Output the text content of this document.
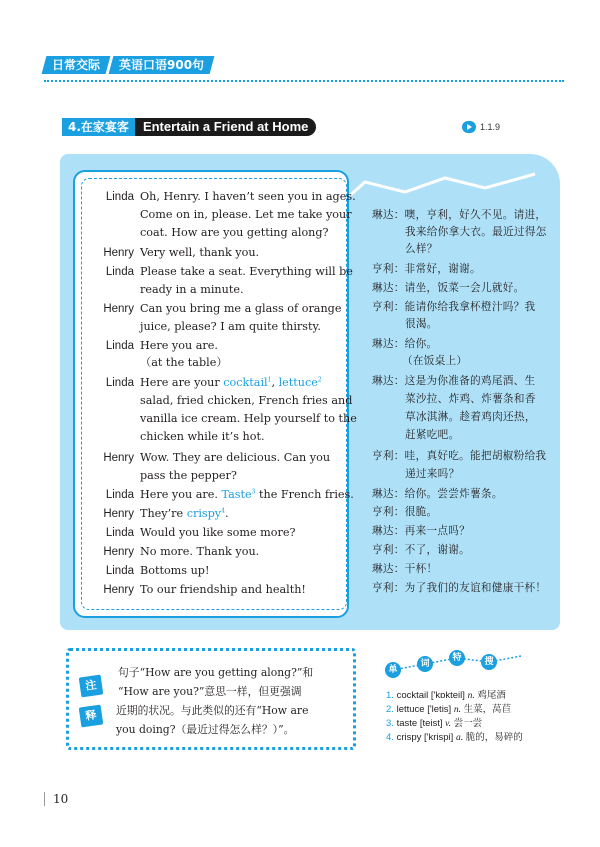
日常交际	英语口语900句
4.在家宴客	Entertain a Friend at Home	1.1.9
Linda Oh, Henry. I haven’t seen you in ages.
Come on in, please. Let me take your
coat. How are you getting along?
Henry Very well, thank you.
Linda Please take a seat. Everything will be
ready in a minute.
Henry Can you bring me a glass of orange
juice, please? I am quite thirsty.
Linda Here you are.
（at the table）
Linda Here are your cocktail$^1$, lettuce$^2$
salad, fried chicken, French fries and
vanilla ice cream. Help yourself to the
chicken while it’s hot.
Henry Wow. They are delicious. Can you
pass the pepper?
Linda Here you are. Taste$^3$ the French fries.
Henry They’re crispy$^4$.
Linda Would you like some more?
Henry No more. Thank you.
Linda Bottoms up!
Henry To our friendship and health!
琳达：噢，亨利，好久不见。请进，
我来给你拿大衣。最近过得怎
么样？
亨利：非常好，谢谢。
琳达：请坐，饭菜一会儿就好。
亨利：能请你给我拿杯橙汁吗？我
很渴。
琳达：给你。
（在饭桌上）
琳达：这是为你准备的鸡尾酒、生
菜沙拉、炸鸡、炸薯条和香
草冰淇淋。趁着鸡肉还热，
赶紧吃吧。
亨利：哇，真好吃。能把胡椒粉给我
递过来吗？
琳达：给你。尝尝炸薯条。
亨利：很脆。
琳达：再来一点吗？
亨利：不了，谢谢。
琳达：干杯！
亨利：为了我们的友谊和健康干杯！
注
释
句子“How are you getting along?”和
“How are you?”意思一样，但更强调
近期的状况。与此类似的还有“How are
you doing?（最近过得怎么样？）”。
单
词
特	搜
1. cocktail ['kɒkteil] n. 鸡尾酒
2. lettuce ['letis] n. 生菜，莴苣
3. taste [teist] v. 尝一尝
4. crispy ['krispi] a. 脆的，易碎的
10
